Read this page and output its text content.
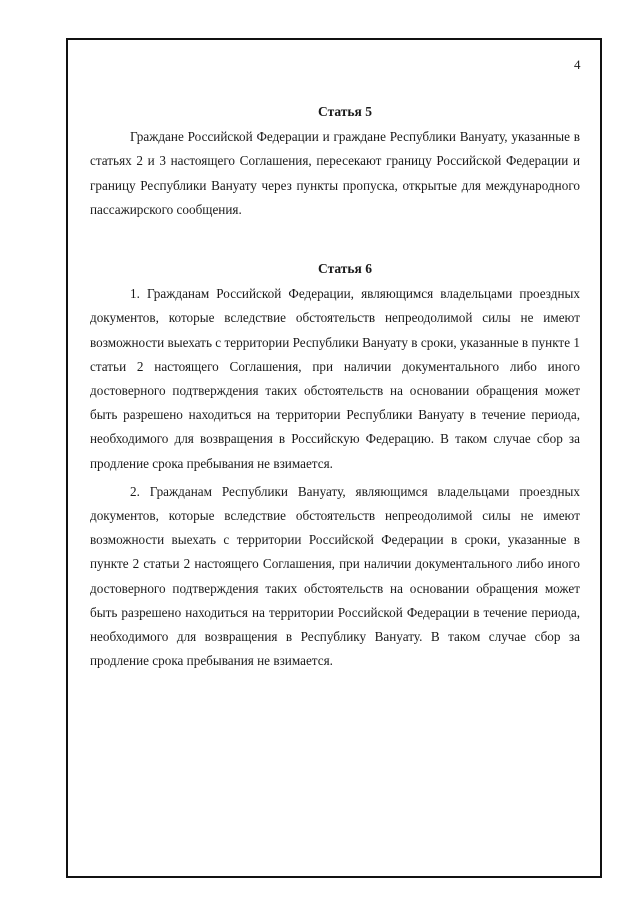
4

Статья 5

Граждане Российской Федерации и граждане Республики Вануату, указанные в статьях 2 и 3 настоящего Соглашения, пересекают границу Российской Федерации и границу Республики Вануату через пункты пропуска, открытые для международного пассажирского сообщения.

Статья 6

1. Гражданам Российской Федерации, являющимся владельцами проездных документов, которые вследствие обстоятельств непреодолимой силы не имеют возможности выехать с территории Республики Вануату в сроки, указанные в пункте 1 статьи 2 настоящего Соглашения, при наличии документального либо иного достоверного подтверждения таких обстоятельств на основании обращения может быть разрешено находиться на территории Республики Вануату в течение периода, необходимого для возвращения в Российскую Федерацию. В таком случае сбор за продление срока пребывания не взимается.

2. Гражданам Республики Вануату, являющимся владельцами проездных документов, которые вследствие обстоятельств непреодолимой силы не имеют возможности выехать с территории Российской Федерации в сроки, указанные в пункте 2 статьи 2 настоящего Соглашения, при наличии документального либо иного достоверного подтверждения таких обстоятельств на основании обращения может быть разрешено находиться на территории Российской Федерации в течение периода, необходимого для возвращения в Республику Вануату. В таком случае сбор за продление срока пребывания не взимается.
